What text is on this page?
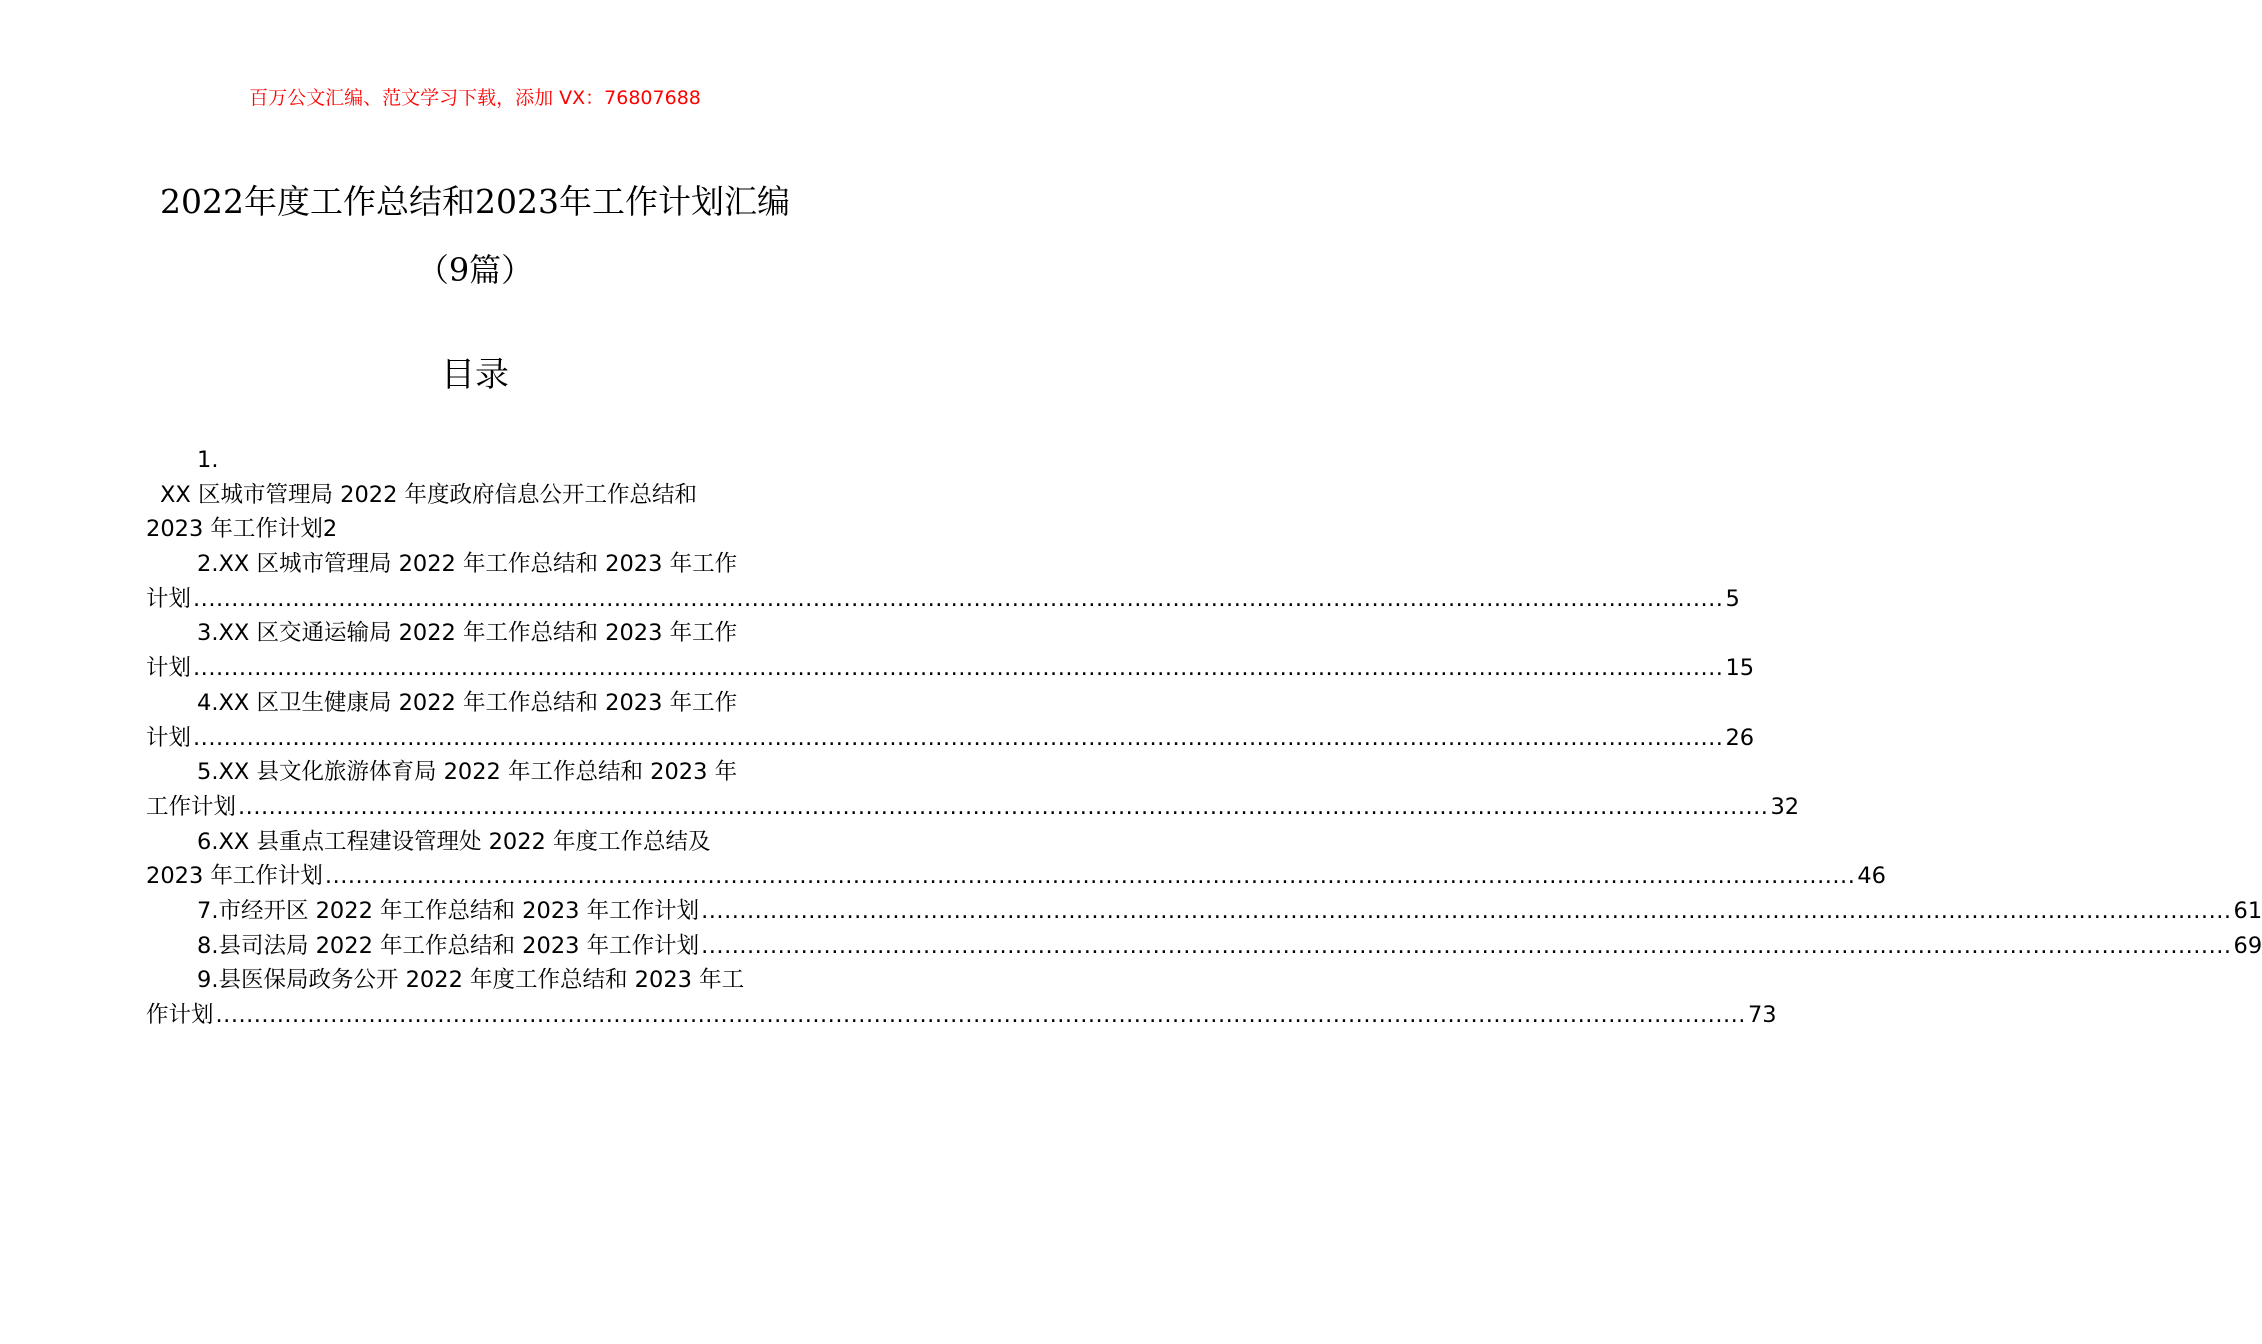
百万公文汇编、范文学习下载，添加 VX：76807688
2022年度工作总结和2023年工作计划汇编
（9篇）
目录
1.
XX 区城市管理局 2022 年度政府信息公开工作总结和
2023 年工作计划 2
2.XX 区城市管理局 2022 年工作总结和 2023 年工作
计划 ........................................................................................................................................................................................................ 5
3.XX 区交通运输局 2022 年工作总结和 2023 年工作
计划 ........................................................................................................................................................................................................ 15
4.XX 区卫生健康局 2022 年工作总结和 2023 年工作
计划 ........................................................................................................................................................................................................ 26
5.XX 县文化旅游体育局 2022 年工作总结和 2023 年
工作计划 ........................................................................................................................................................................................................ 32
6.XX 县重点工程建设管理处 2022 年度工作总结及
2023 年工作计划 ........................................................................................................................................................................................................ 46
7.市经开区 2022 年工作总结和 2023 年工作计划 ........................................................................................................................................................................................................ 61
8.县司法局 2022 年工作总结和 2023 年工作计划 ........................................................................................................................................................................................................ 69
9.县医保局政务公开 2022 年度工作总结和 2023 年工
作计划 ........................................................................................................................................................................................................ 73
